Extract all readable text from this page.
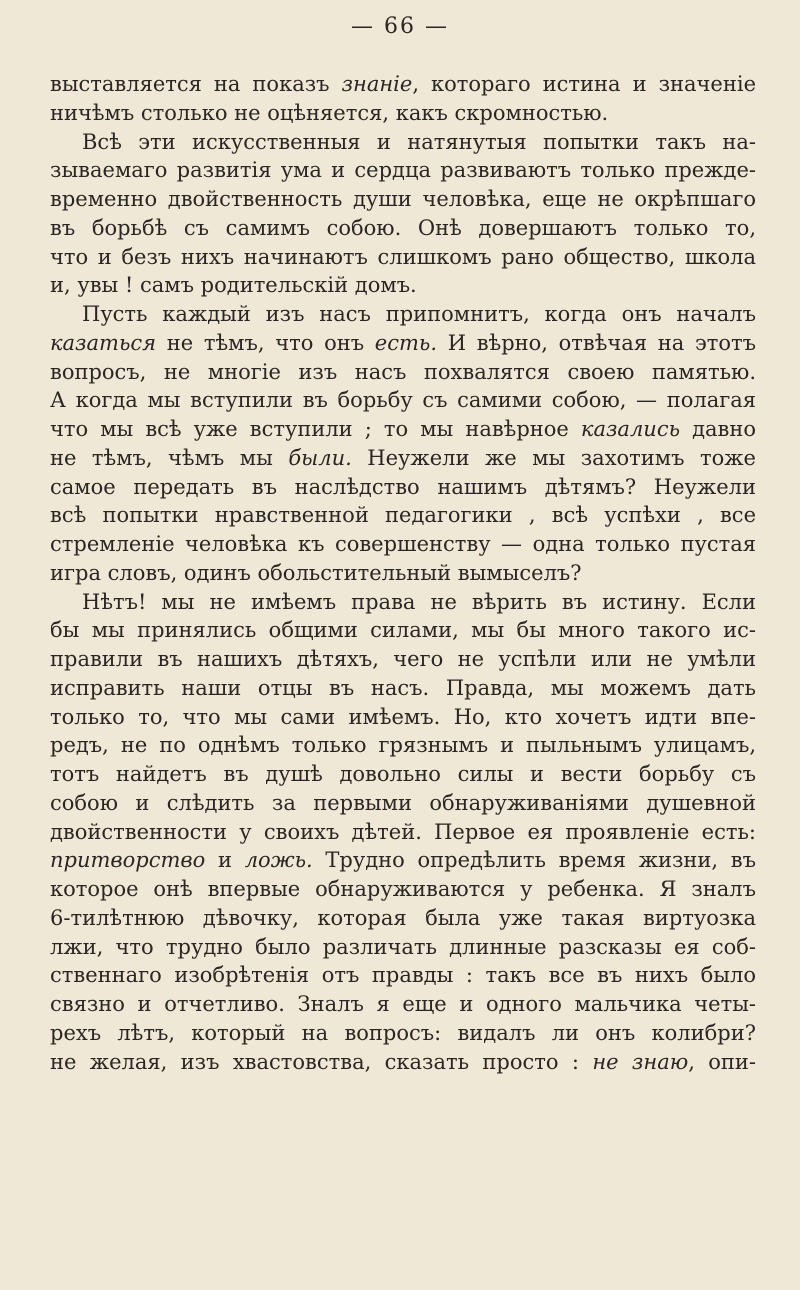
— 66 —
выставляется на показъ знаніе, котораго истина и значеніе
ничѣмъ столько не оцѣняется, какъ скромностью.
Всѣ эти искусственныя и натянутыя попытки такъ на-
зываемаго развитія ума и сердца развиваютъ только прежде-
временно двойственность души человѣка, еще не окрѣпшаго
въ борьбѣ съ самимъ собою. Онѣ довершаютъ только то,
что и безъ нихъ начинаютъ слишкомъ рано общество, школа
и, увы ! самъ родительскій домъ.
Пусть каждый изъ насъ припомнитъ, когда онъ началъ
казаться не тѣмъ, что онъ есть. И вѣрно, отвѣчая на этотъ
вопросъ, не многіе изъ насъ похвалятся своею памятью.
А когда мы вступили въ борьбу съ самими собою, — полагая
что мы всѣ уже вступили ; то мы навѣрное казались давно
не тѣмъ, чѣмъ мы были. Неужели же мы захотимъ тоже
самое передать въ наслѣдство нашимъ дѣтямъ? Неужели
всѣ попытки нравственной педагогики , всѣ успѣхи , все
стремленіе человѣка къ совершенству — одна только пустая
игра словъ, одинъ обольстительный вымыселъ?
Нѣтъ! мы не имѣемъ права не вѣрить въ истину. Если
бы мы принялись общими силами, мы бы много такого ис-
правили въ нашихъ дѣтяхъ, чего не успѣли или не умѣли
исправить наши отцы въ насъ. Правда, мы можемъ дать
только то, что мы сами имѣемъ. Но, кто хочетъ идти впе-
редъ, не по однѣмъ только грязнымъ и пыльнымъ улицамъ,
тотъ найдетъ въ душѣ довольно силы и вести борьбу съ
собою и слѣдить за первыми обнаруживаніями душевной
двойственности у своихъ дѣтей. Первое ея проявленіе есть:
притворство и ложь. Трудно опредѣлить время жизни, въ
которое онѣ впервые обнаруживаются у ребенка. Я зналъ
6-тилѣтнюю дѣвочку, которая была уже такая виртуозка
лжи, что трудно было различать длинные разсказы ея соб-
ственнаго изобрѣтенія отъ правды : такъ все въ нихъ было
связно и отчетливо. Зналъ я еще и одного мальчика четы-
рехъ лѣтъ, который на вопросъ: видалъ ли онъ колибри?
не желая, изъ хвастовства, сказать просто : не знаю, опи-
